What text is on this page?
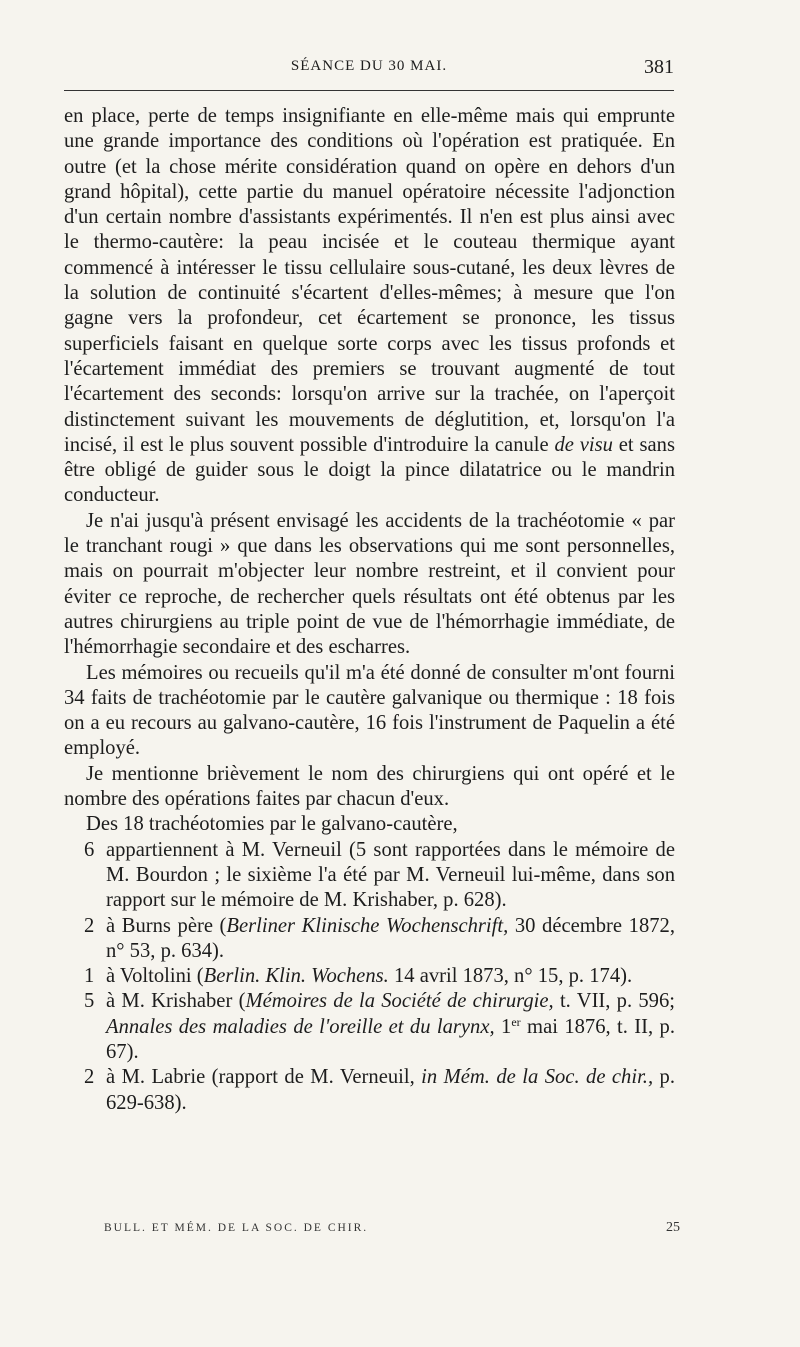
SÉANCE DU 30 MAI.	381

en place, perte de temps insignifiante en elle-même mais qui emprunte une grande importance des conditions où l'opération est pratiquée. En outre (et la chose mérite considération quand on opère en dehors d'un grand hôpital), cette partie du manuel opératoire nécessite l'adjonction d'un certain nombre d'assistants expérimentés. Il n'en est plus ainsi avec le thermo-cautère: la peau incisée et le couteau thermique ayant commencé à intéresser le tissu cellulaire sous-cutané, les deux lèvres de la solution de continuité s'écartent d'elles-mêmes; à mesure que l'on gagne vers la profondeur, cet écartement se prononce, les tissus superficiels faisant en quelque sorte corps avec les tissus profonds et l'écartement immédiat des premiers se trouvant augmenté de tout l'écartement des seconds: lorsqu'on arrive sur la trachée, on l'aperçoit distinctement suivant les mouvements de déglutition, et, lorsqu'on l'a incisé, il est le plus souvent possible d'introduire la canule de visu et sans être obligé de guider sous le doigt la pince dilatatrice ou le mandrin conducteur.

Je n'ai jusqu'à présent envisagé les accidents de la trachéotomie « par le tranchant rougi » que dans les observations qui me sont personnelles, mais on pourrait m'objecter leur nombre restreint, et il convient pour éviter ce reproche, de rechercher quels résultats ont été obtenus par les autres chirurgiens au triple point de vue de l'hémorrhagie immédiate, de l'hémorrhagie secondaire et des escharres.

Les mémoires ou recueils qu'il m'a été donné de consulter m'ont fourni 34 faits de trachéotomie par le cautère galvanique ou thermique : 18 fois on a eu recours au galvano-cautère, 16 fois l'instrument de Paquelin a été employé.

Je mentionne brièvement le nom des chirurgiens qui ont opéré et le nombre des opérations faites par chacun d'eux.

Des 18 trachéotomies par le galvano-cautère,

6 appartiennent à M. Verneuil (5 sont rapportées dans le mémoire de M. Bourdon ; le sixième l'a été par M. Verneuil lui-même, dans son rapport sur le mémoire de M. Krishaber, p. 628).

2 à Burns père (Berliner Klinische Wochenschrift, 30 décembre 1872, n° 53, p. 634).

1 à Voltolini (Berlin. Klin. Wochens. 14 avril 1873, n° 15, p. 174).

5 à M. Krishaber (Mémoires de la Société de chirurgie, t. VII, p. 596; Annales des maladies de l'oreille et du larynx, 1er mai 1876, t. II, p. 67).

2 à M. Labrie (rapport de M. Verneuil, in Mém. de la Soc. de chir., p. 629-638).

BULL. ET MÉM. DE LA SOC. DE CHIR.	25
